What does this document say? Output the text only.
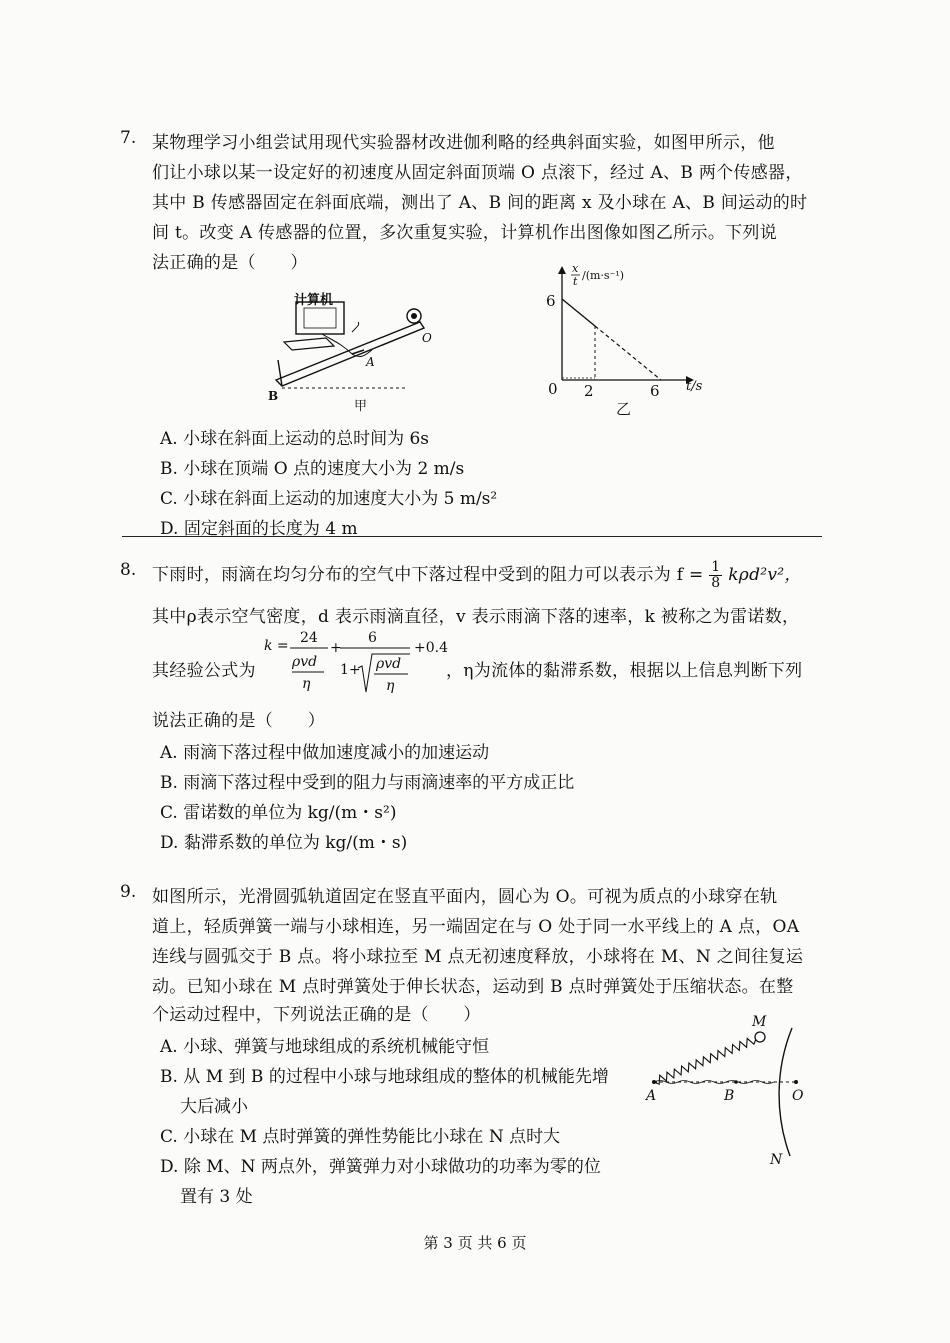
7. 某物理学习小组尝试用现代实验器材改进伽利略的经典斜面实验，如图甲所示，他
们让小球以某一设定好的初速度从固定斜面顶端 O 点滚下，经过 A、B 两个传感器，
其中 B 传感器固定在斜面底端，测出了 A、B 间的距离 x 及小球在 A、B 间运动的时
间 t。改变 A 传感器的位置，多次重复实验，计算机作出图像如图乙所示。下列说
法正确的是（　　）
计算机
A
B
O
甲
x
t /(m·s⁻¹)
t/s
6
0 2	6
乙
A. 小球在斜面上运动的总时间为 6s
B. 小球在顶端 O 点的速度大小为 2 m/s
C. 小球在斜面上运动的加速度大小为 5 m/s²
D. 固定斜面的长度为 4 m
8. 下雨时，雨滴在均匀分布的空气中下落过程中受到的阻力可以表示为 $f = \frac{1}{8} k\rho d^2v^2$，
其中ρ表示空气密度，d 表示雨滴直径，v 表示雨滴下落的速率，k 被称之为雷诺数，
其经验公式为
k = 24
ρvd
η
+
6
1+ ρvd
η
+0.4
，η为流体的黏滞系数，根据以上信息判断下列
说法正确的是（　　）
A. 雨滴下落过程中做加速度减小的加速运动
B. 雨滴下落过程中受到的阻力与雨滴速率的平方成正比
C. 雷诺数的单位为 kg/(m・s²)
D. 黏滞系数的单位为 kg/(m・s)
9. 如图所示，光滑圆弧轨道固定在竖直平面内，圆心为 O。可视为质点的小球穿在轨
道上，轻质弹簧一端与小球相连，另一端固定在与 O 处于同一水平线上的 A 点，OA
连线与圆弧交于 B 点。将小球拉至 M 点无初速度释放，小球将在 M、N 之间往复运
动。已知小球在 M 点时弹簧处于伸长状态，运动到 B 点时弹簧处于压缩状态。在整
个运动过程中，下列说法正确的是（　　）
A. 小球、弹簧与地球组成的系统机械能守恒
B. 从 M 到 B 的过程中小球与地球组成的整体的机械能先增
大后减小
C. 小球在 M 点时弹簧的弹性势能比小球在 N 点时大
D. 除 M、N 两点外，弹簧弹力对小球做功的功率为零的位
置有 3 处
M
A	B	O
N
第 3 页 共 6 页
